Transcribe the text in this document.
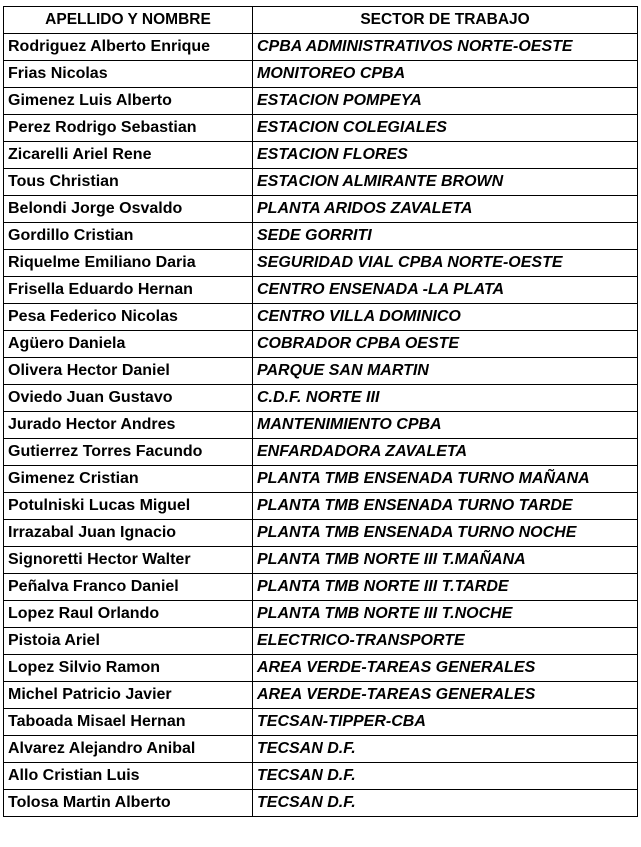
APELLIDO Y NOMBRE	SECTOR DE TRABAJO
Rodriguez Alberto Enrique	CPBA ADMINISTRATIVOS NORTE-OESTE
Frias Nicolas	MONITOREO CPBA
Gimenez Luis Alberto	ESTACION POMPEYA
Perez Rodrigo Sebastian	ESTACION COLEGIALES
Zicarelli Ariel Rene	ESTACION FLORES
Tous Christian	ESTACION ALMIRANTE BROWN
Belondi Jorge Osvaldo	PLANTA ARIDOS ZAVALETA
Gordillo Cristian	SEDE GORRITI
Riquelme Emiliano Daria	SEGURIDAD VIAL CPBA NORTE-OESTE
Frisella Eduardo Hernan	CENTRO ENSENADA -LA PLATA
Pesa Federico Nicolas	CENTRO VILLA DOMINICO
Agüero Daniela	COBRADOR CPBA OESTE
Olivera Hector Daniel	PARQUE SAN MARTIN
Oviedo Juan Gustavo	C.D.F. NORTE III
Jurado Hector Andres	MANTENIMIENTO CPBA
Gutierrez Torres Facundo	ENFARDADORA ZAVALETA
Gimenez Cristian	PLANTA TMB ENSENADA TURNO MAÑANA
Potulniski Lucas Miguel	PLANTA TMB ENSENADA TURNO TARDE
Irrazabal Juan Ignacio	PLANTA TMB ENSENADA TURNO NOCHE
Signoretti Hector Walter	PLANTA TMB NORTE III T.MAÑANA
Peñalva Franco Daniel	PLANTA TMB NORTE III T.TARDE
Lopez Raul Orlando	PLANTA TMB NORTE III T.NOCHE
Pistoia Ariel	ELECTRICO-TRANSPORTE
Lopez Silvio Ramon	AREA VERDE-TAREAS GENERALES
Michel Patricio Javier	AREA VERDE-TAREAS GENERALES
Taboada Misael Hernan	TECSAN-TIPPER-CBA
Alvarez Alejandro Anibal	TECSAN D.F.
Allo Cristian Luis	TECSAN D.F.
Tolosa Martin Alberto	TECSAN D.F.
